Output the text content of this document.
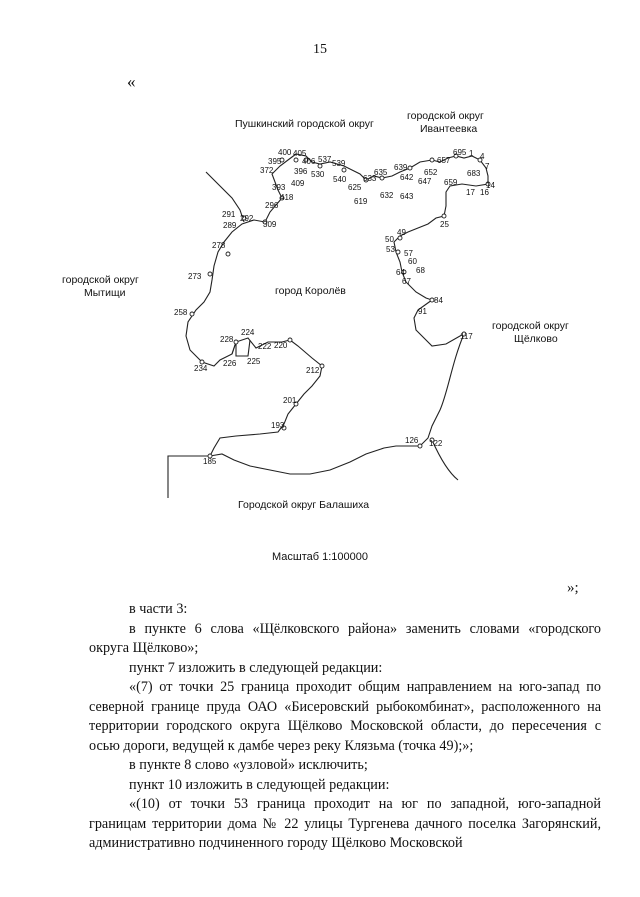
15
«
Пушкинский городской округ
городской округ
Ивантеевка
городской округ
Мытищи	город Королёв
городской округ
Щёлково
Городской округ Балашиха
400 405
395	406 537 539
372	396 530
540
635
633
639
642
652
657
695 1 4
7
683
393 409
418
625
619
632 643
647 659	14
17 16
296
291 292
289	309	25
49
50
53 57
60
64 68
67
278
273
84
91
117
258
228
224
222 220
226 225
234	212
201
193
126 122
185
Масштаб 1:100000
»;

в части 3:

в пункте 6 слова «Щёлковского района» заменить словами «городского округа Щёлково»;

пункт 7 изложить в следующей редакции:

«(7) от точки 25 граница проходит общим направлением на юго-запад по северной границе пруда ОАО «Бисеровский рыбокомбинат», расположенного на территории городского округа Щёлково Московской области, до пересечения с осью дороги, ведущей к дамбе через реку Клязьма (точка 49);»;

в пункте 8 слово «узловой» исключить;

пункт 10 изложить в следующей редакции:

«(10) от точки 53 граница проходит на юг по западной, юго-западной границам территории дома № 22 улицы Тургенева дачного поселка Загорянский, административно подчиненного городу Щёлково Московской
